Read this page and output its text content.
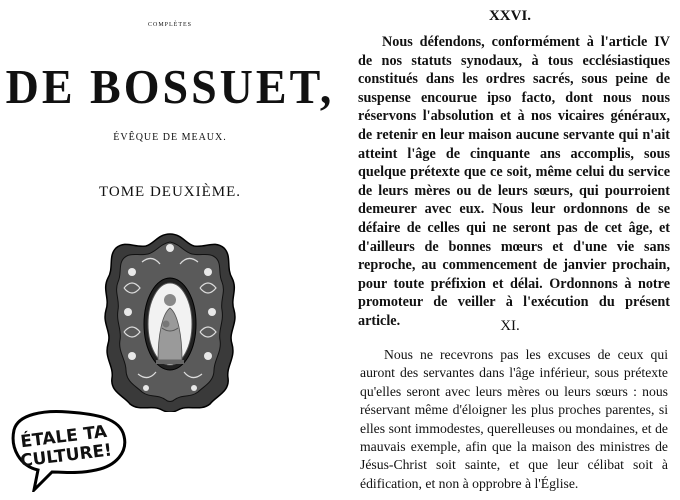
COMPLÈTES
DE BOSSUET,
ÉVÊQUE DE MEAUX.
TOME DEUXIÈME.
ÉTALE TA CULTURE!
XXVI.

Nous défendons, conformément à l'article IV de nos statuts synodaux, à tous ecclésiastiques constitués dans les ordres sacrés, sous peine de suspense encourue ipso facto, dont nous nous réservons l'absolution et à nos vicaires généraux, de retenir en leur maison aucune servante qui n'ait atteint l'âge de cinquante ans accomplis, sous quelque prétexte que ce soit, même celui du service de leurs mères ou de leurs sœurs, qui pourroient demeurer avec eux. Nous leur ordonnons de se défaire de celles qui ne seront pas de cet âge, et d'ailleurs de bonnes mœurs et d'une vie sans reproche, au commencement de janvier prochain, pour toute préfixion et délai. Ordonnons à notre promoteur de veiller à l'exécution du présent article.	XI.

Nous ne recevrons pas les excuses de ceux qui auront des servantes dans l'âge inférieur, sous prétexte qu'elles seront avec leurs mères ou leurs sœurs : nous réservant même d'éloigner les plus proches parentes, si elles sont immodestes, querelleuses ou mondaines, et de mauvais exemple, afin que la maison des ministres de Jésus-Christ soit sainte, et que leur célibat soit à édification, et non à opprobre à l'Église.
